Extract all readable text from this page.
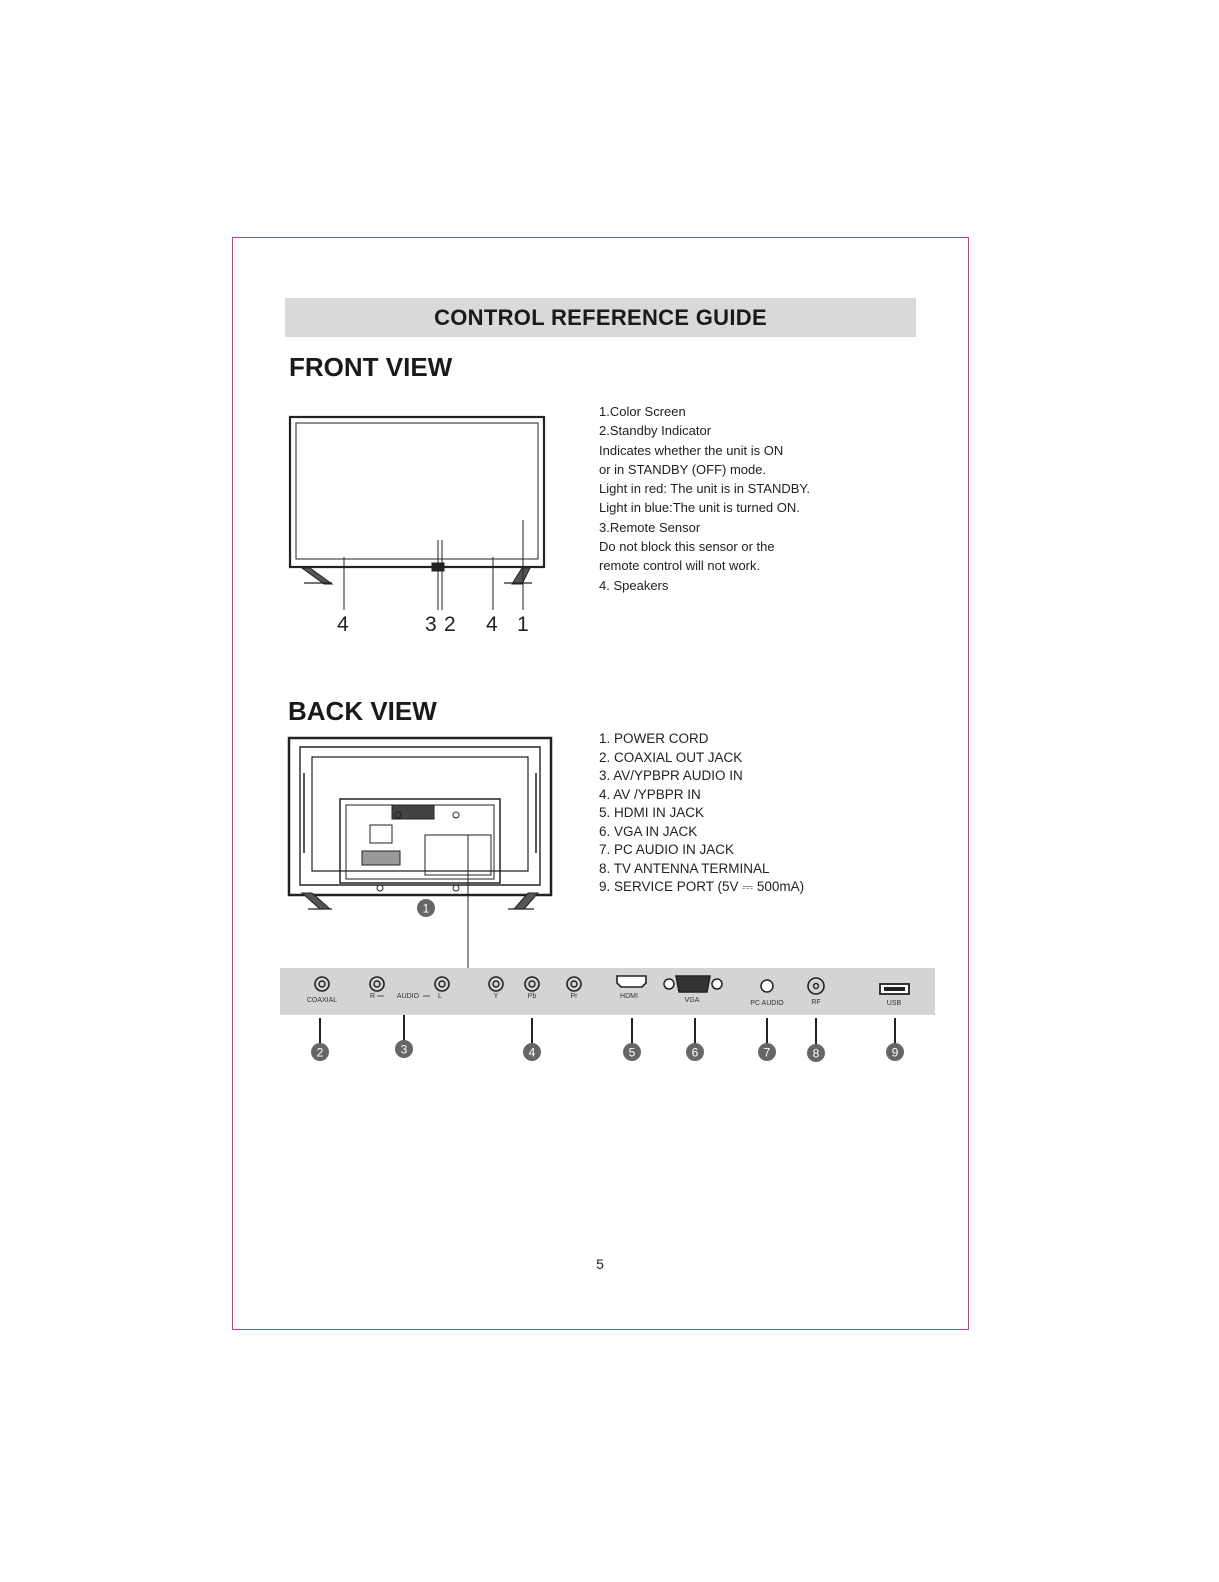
CONTROL REFERENCE GUIDE
FRONT VIEW
4	3 2 4 1
1.Color Screen
2.Standby Indicator
Indicates whether the unit is ON
or in STANDBY (OFF) mode.
Light in red: The unit is in STANDBY.
Light in blue:The unit is turned ON.
3.Remote Sensor
Do not block this sensor or the
remote control will not work.
4. Speakers
BACK VIEW
1
1. POWER CORD
2. COAXIAL OUT JACK
3. AV/YPBPR AUDIO IN
4. AV /YPBPR IN
5. HDMI IN JACK
6. VGA IN JACK
7. PC AUDIO IN JACK
8. TV ANTENNA TERMINAL
9. SERVICE PORT (5V ⎓ 500mA)
COAXIAL
R	AUDIO	L	Y	Pb	Pr	HDMI
VGA	PC AUDIO	RF	USB
2	3	4	5	6	7	8	9
5
